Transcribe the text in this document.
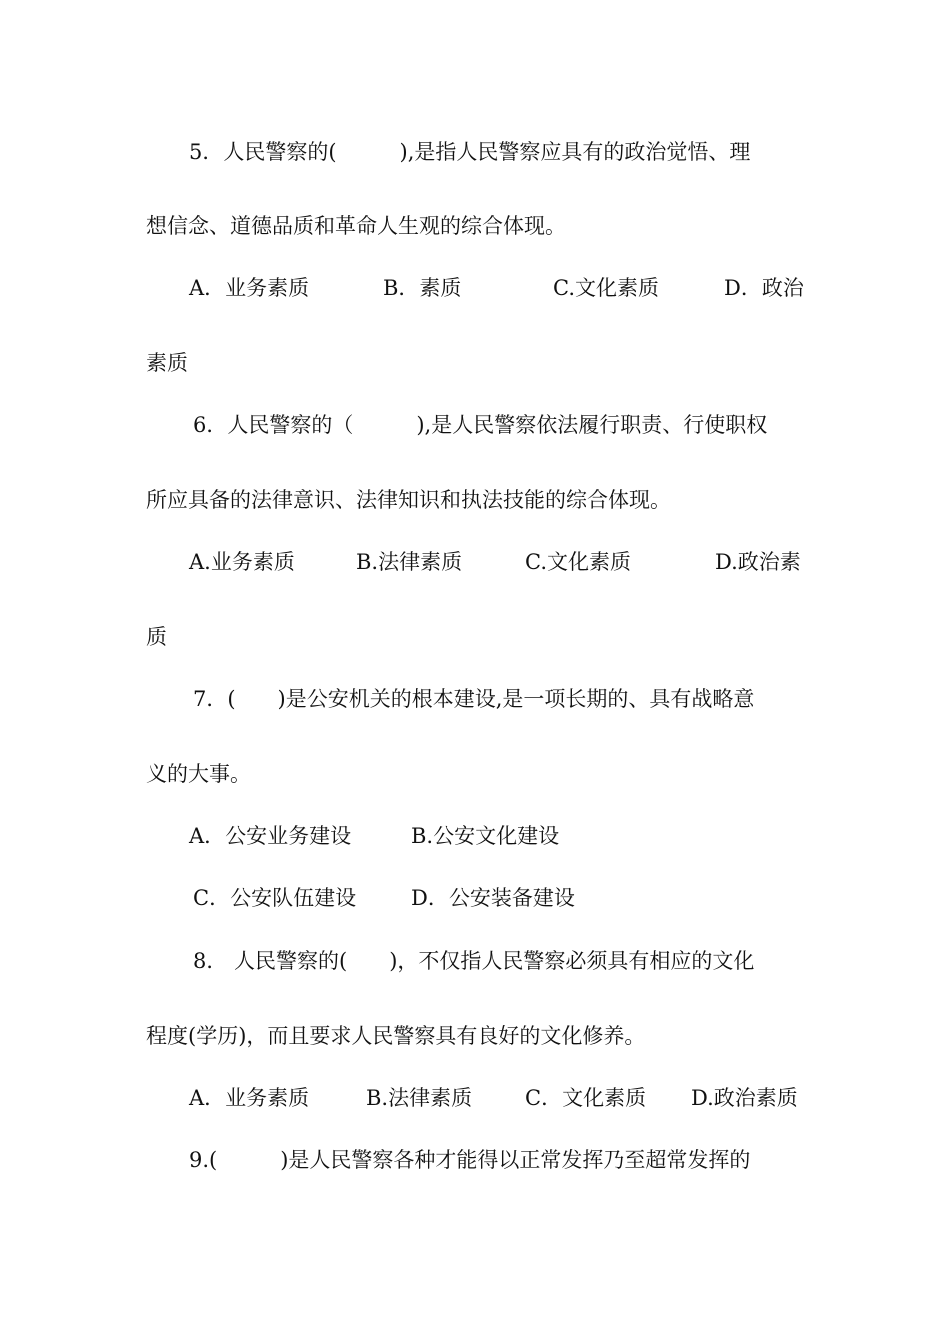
5．人民警察的(　　　),是指人民警察应具有的政治觉悟、理
想信念、道德品质和革命人生观的综合体现。
A．业务素质	B．素质	C.文化素质	D．政治
素质
6．人民警察的（　　　),是人民警察依法履行职责、行使职权
所应具备的法律意识、法律知识和执法技能的综合体现。
A.业务素质	B.法律素质	C.文化素质	D.政治素
质
7．(　　)是公安机关的根本建设,是一项长期的、具有战略意
义的大事。
A．公安业务建设	B.公安文化建设
C．公安队伍建设	D．公安装备建设
8． 人民警察的(　　)，不仅指人民警察必须具有相应的文化
程度(学历)，而且要求人民警察具有良好的文化修养。
A．业务素质	B.法律素质	C．文化素质 D.政治素质
9.(　　　)是人民警察各种才能得以正常发挥乃至超常发挥的
